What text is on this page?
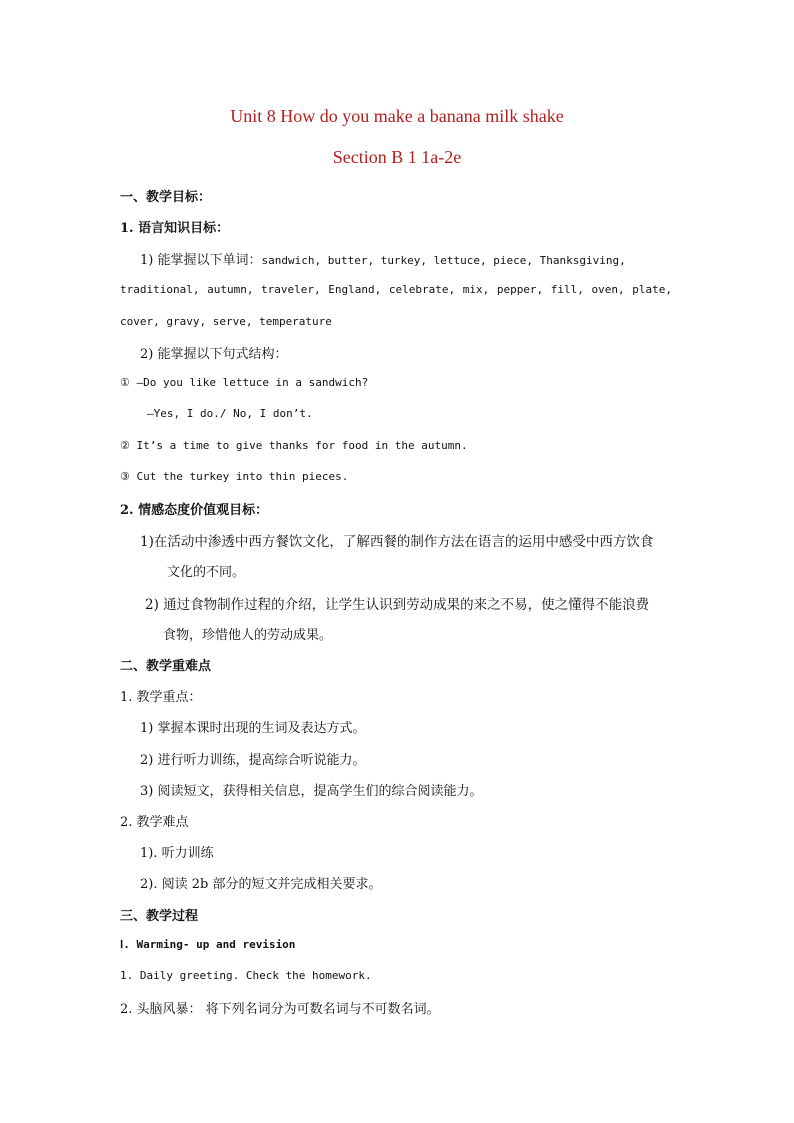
Unit 8 How do you make a banana milk shake
Section B 1 1a-2e
一、教学目标：
1. 语言知识目标：
1) 能掌握以下单词：sandwich, butter, turkey, lettuce, piece, Thanksgiving,
traditional, autumn, traveler, England, celebrate, mix, pepper, fill, oven, plate,
cover, gravy, serve, temperature
2) 能掌握以下句式结构：
① —Do you like lettuce in a sandwich?
—Yes, I do./ No, I don’t.
② It’s a time to give thanks for food in the autumn.
③ Cut the turkey into thin pieces.
2. 情感态度价值观目标：
1)在活动中渗透中西方餐饮文化，了解西餐的制作方法在语言的运用中感受中西方饮食
文化的不同。
2) 通过食物制作过程的介绍，让学生认识到劳动成果的来之不易，使之懂得不能浪费
食物，珍惜他人的劳动成果。
二、教学重难点
1. 教学重点：
1) 掌握本课时出现的生词及表达方式。
2) 进行听力训练，提高综合听说能力。
3) 阅读短文，获得相关信息，提高学生们的综合阅读能力。
2. 教学难点
1). 听力训练
2). 阅读 2b 部分的短文并完成相关要求。
三、教学过程
Ⅰ. Warming- up and revision
1. Daily greeting. Check the homework.
2. 头脑风暴： 将下列名词分为可数名词与不可数名词。
